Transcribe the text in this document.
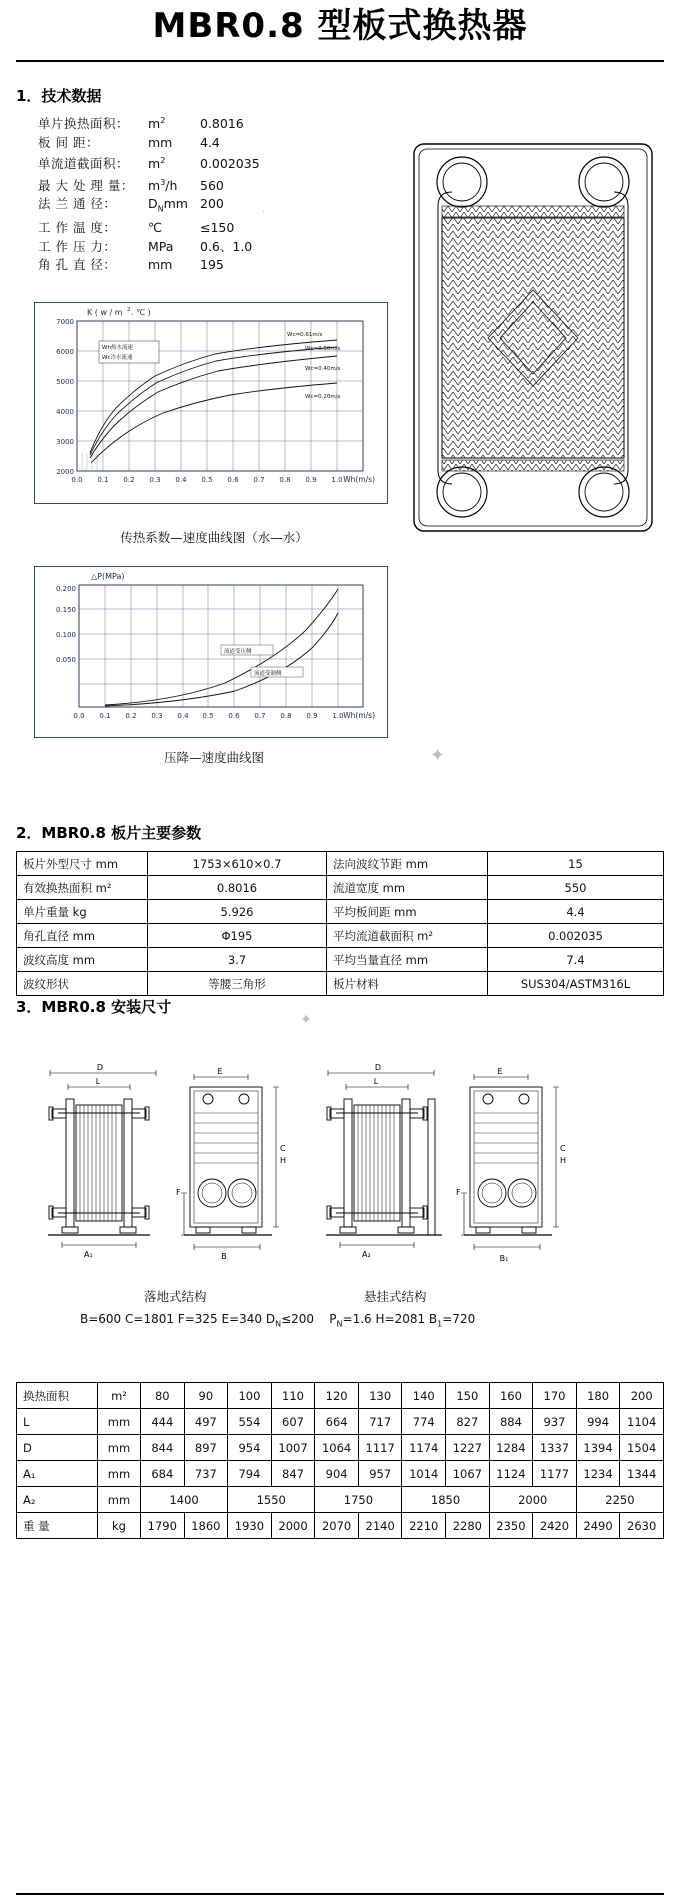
MBR0.8 型板式换热器
1．技术数据
单片换热面积：	$m^2$	0.8016
板 间 距：	mm	4.4
单流道截面积：	$m^2$	0.002035
最 大 处 理 量：	$m^3/h$	560
法 兰 通 径：	$D_Nmm$ 200
工 作 温 度：	℃	≤150
工 作 压 力：	MPa	0.6、1.0
角 孔 直 径：	mm	195
K ( w / m 2 . ℃ )
7000
6000
5000
4000
3000
2000
0.0 0.1 0.2 0.3 0.4 0.5 0.6 0.7 0.8 0.9 1.0 Wh(m/s)
Wh热水流速
Wc冷水流速
Wc=0.61m/s
Wc=0.50m/s
Wc=0.40m/s
Wc=0.20m/s
传热系数—速度曲线图（水—水）
△P(MPa)
0.200
0.150
0.100
0.050
0.0 0.1 0.2 0.3 0.4 0.5 0.6 0.7 0.8 0.9 1.0 Wh(m/s)
流道受压侧
流道受制侧
压降—速度曲线图
·
✦
2．MBR0.8 板片主要参数
板片外型尺寸 mm	1753×610×0.7	法向波纹节距 mm	15
有效换热面积 m²	0.8016	流道宽度 mm	550
单片重量 kg	5.926	平均板间距 mm	4.4
角孔直径 mm	Φ195	平均流道截面积 m²	0.002035
波纹高度 mm	3.7	平均当量直径 mm	7.4
波纹形状	等腰三角形	板片材料	SUS304/ASTM316L
3．MBR0.8 安装尺寸
✦
D
L
A₁
E
C
H
F
B
D
L
A₂
E
C
H
F
B₁
落地式结构	悬挂式结构
B=600 C=1801 F=325 E=340 $D_N\le 200$ $P_N=1.6$ H=2081 $B_1=720$
换热面积	m²	80	90	100	110	120	130	140	150	160	170	180	200
L	mm	444	497	554	607	664	717	774	827	884	937	994	1104
D	mm	844	897	954	1007	1064	1117	1174	1227	1284	1337	1394	1504
A₁	mm	684	737	794	847	904	957	1014	1067	1124	1177	1234	1344
A₂	mm	1400		1550		1750		1850		2000		2250	
重 量	kg	1790	1860	1930	2000	2070	2140	2210	2280	2350	2420	2490	2630
